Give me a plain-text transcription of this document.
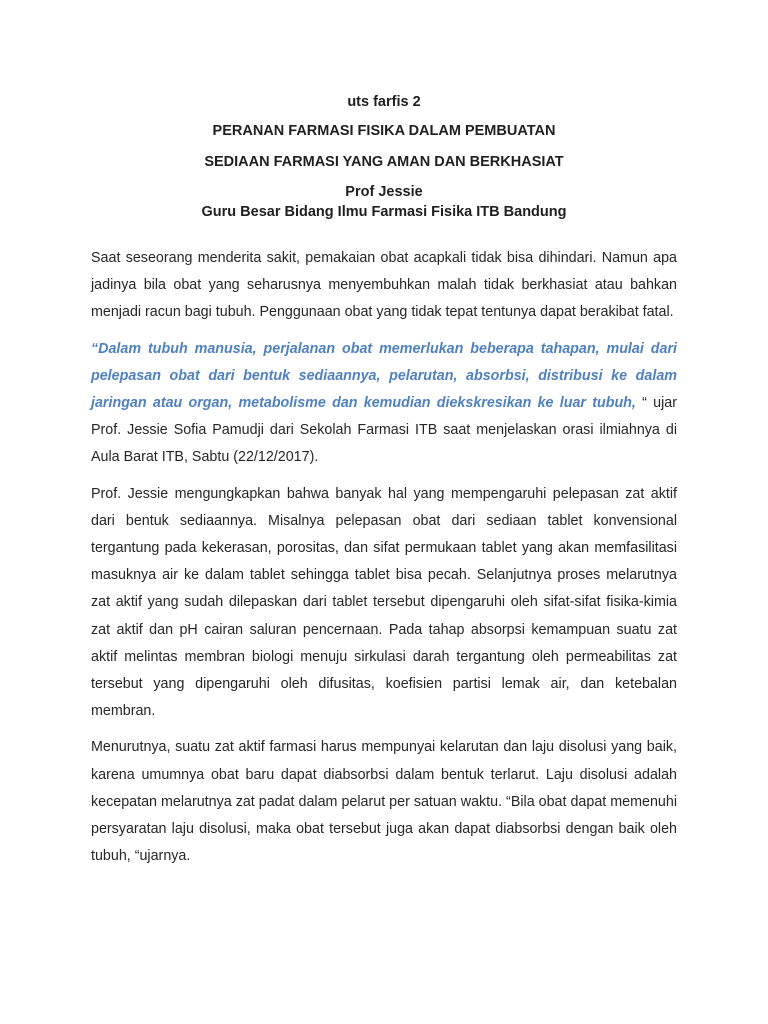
uts farfis 2
PERANAN FARMASI FISIKA DALAM PEMBUATAN
SEDIAAN FARMASI YANG AMAN DAN BERKHASIAT
Prof Jessie
Guru Besar Bidang Ilmu Farmasi Fisika ITB Bandung

Saat seseorang menderita sakit, pemakaian obat acapkali tidak bisa dihindari. Namun apa jadinya bila obat yang seharusnya menyembuhkan malah tidak berkhasiat atau bahkan menjadi racun bagi tubuh. Penggunaan obat yang tidak tepat tentunya dapat berakibat fatal.

“Dalam tubuh manusia, perjalanan obat memerlukan beberapa tahapan, mulai dari pelepasan obat dari bentuk sediaannya, pelarutan, absorbsi, distribusi ke dalam jaringan atau organ, metabolisme dan kemudian diekskresikan ke luar tubuh, “ ujar Prof. Jessie Sofia Pamudji dari Sekolah Farmasi ITB saat menjelaskan orasi ilmiahnya di Aula Barat ITB, Sabtu (22/12/2017).

Prof. Jessie mengungkapkan bahwa banyak hal yang mempengaruhi pelepasan zat aktif dari bentuk sediaannya. Misalnya pelepasan obat dari sediaan tablet konvensional tergantung pada kekerasan, porositas, dan sifat permukaan tablet yang akan memfasilitasi masuknya air ke dalam tablet sehingga tablet bisa pecah. Selanjutnya proses melarutnya zat aktif yang sudah dilepaskan dari tablet tersebut dipengaruhi oleh sifat-sifat fisika-kimia zat aktif dan pH cairan saluran pencernaan. Pada tahap absorpsi kemampuan suatu zat aktif melintas membran biologi menuju sirkulasi darah tergantung oleh permeabilitas zat tersebut yang dipengaruhi oleh difusitas, koefisien partisi lemak air, dan ketebalan membran.

Menurutnya, suatu zat aktif farmasi harus mempunyai kelarutan dan laju disolusi yang baik, karena umumnya obat baru dapat diabsorbsi dalam bentuk terlarut. Laju disolusi adalah kecepatan melarutnya zat padat dalam pelarut per satuan waktu. “Bila obat dapat memenuhi persyaratan laju disolusi, maka obat tersebut juga akan dapat diabsorbsi dengan baik oleh tubuh, “ujarnya.
